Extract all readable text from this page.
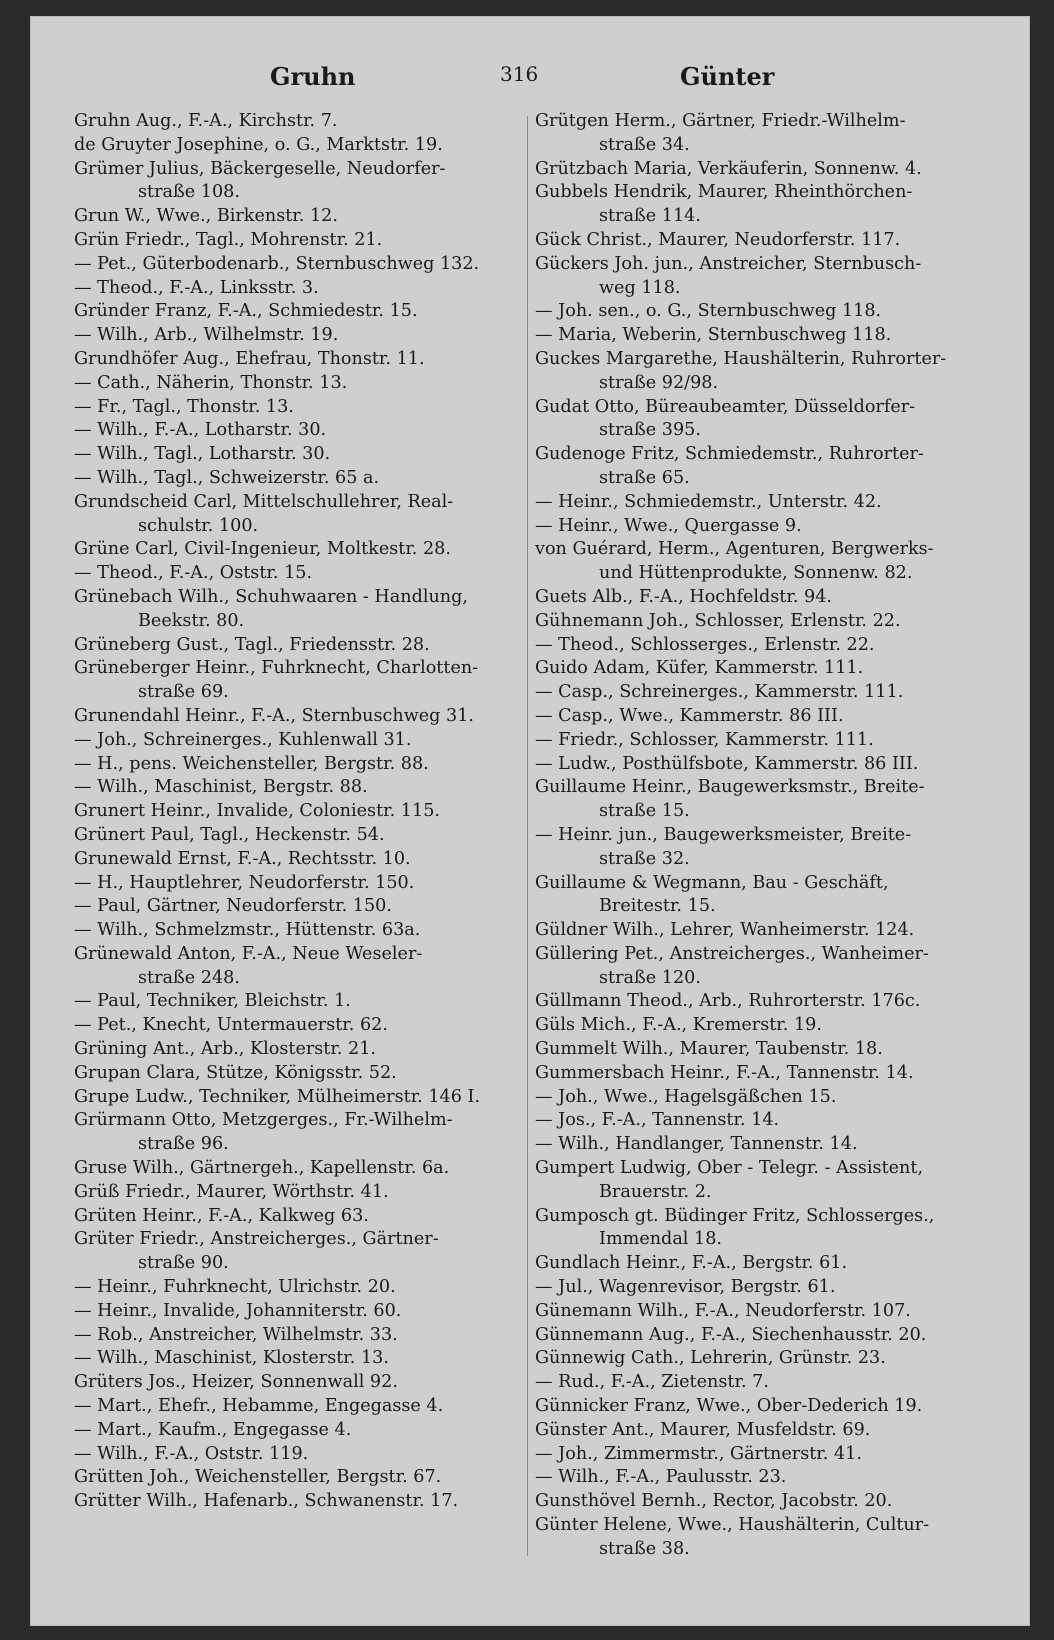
Gruhn	316	Günter
Gruhn Aug., F.-A., Kirchstr. 7.
de Gruyter Josephine, o. G., Marktstr. 19.
Grümer Julius, Bäckergeselle, Neudorfer-
straße 108.
Grun W., Wwe., Birkenstr. 12.
Grün Friedr., Tagl., Mohrenstr. 21.
— Pet., Güterbodenarb., Sternbuschweg 132.
— Theod., F.-A., Linksstr. 3.
Gründer Franz, F.-A., Schmiedestr. 15.
— Wilh., Arb., Wilhelmstr. 19.
Grundhöfer Aug., Ehefrau, Thonstr. 11.
— Cath., Näherin, Thonstr. 13.
— Fr., Tagl., Thonstr. 13.
— Wilh., F.-A., Lotharstr. 30.
— Wilh., Tagl., Lotharstr. 30.
— Wilh., Tagl., Schweizerstr. 65 a.
Grundscheid Carl, Mittelschullehrer, Real-
schulstr. 100.
Grüne Carl, Civil-Ingenieur, Moltkestr. 28.
— Theod., F.-A., Oststr. 15.
Grünebach Wilh., Schuhwaaren - Handlung,
Beekstr. 80.
Grüneberg Gust., Tagl., Friedensstr. 28.
Grüneberger Heinr., Fuhrknecht, Charlotten-
straße 69.
Grunendahl Heinr., F.-A., Sternbuschweg 31.
— Joh., Schreinerges., Kuhlenwall 31.
— H., pens. Weichensteller, Bergstr. 88.
— Wilh., Maschinist, Bergstr. 88.
Grunert Heinr., Invalide, Coloniestr. 115.
Grünert Paul, Tagl., Heckenstr. 54.
Grunewald Ernst, F.-A., Rechtsstr. 10.
— H., Hauptlehrer, Neudorferstr. 150.
— Paul, Gärtner, Neudorferstr. 150.
— Wilh., Schmelzmstr., Hüttenstr. 63a.
Grünewald Anton, F.-A., Neue Weseler-
straße 248.
— Paul, Techniker, Bleichstr. 1.
— Pet., Knecht, Untermauerstr. 62.
Grüning Ant., Arb., Klosterstr. 21.
Grupan Clara, Stütze, Königsstr. 52.
Grupe Ludw., Techniker, Mülheimerstr. 146 I.
Grürmann Otto, Metzgerges., Fr.-Wilhelm-
straße 96.
Gruse Wilh., Gärtnergeh., Kapellenstr. 6a.
Grüß Friedr., Maurer, Wörthstr. 41.
Grüten Heinr., F.-A., Kalkweg 63.
Grüter Friedr., Anstreicherges., Gärtner-
straße 90.
— Heinr., Fuhrknecht, Ulrichstr. 20.
— Heinr., Invalide, Johanniterstr. 60.
— Rob., Anstreicher, Wilhelmstr. 33.
— Wilh., Maschinist, Klosterstr. 13.
Grüters Jos., Heizer, Sonnenwall 92.
— Mart., Ehefr., Hebamme, Engegasse 4.
— Mart., Kaufm., Engegasse 4.
— Wilh., F.-A., Oststr. 119.
Grütten Joh., Weichensteller, Bergstr. 67.
Grütter Wilh., Hafenarb., Schwanenstr. 17.
Grütgen Herm., Gärtner, Friedr.-Wilhelm-
straße 34.
Grützbach Maria, Verkäuferin, Sonnenw. 4.
Gubbels Hendrik, Maurer, Rheinthörchen-
straße 114.
Gück Christ., Maurer, Neudorferstr. 117.
Gückers Joh. jun., Anstreicher, Sternbusch-
weg 118.
— Joh. sen., o. G., Sternbuschweg 118.
— Maria, Weberin, Sternbuschweg 118.
Guckes Margarethe, Haushälterin, Ruhrorter-
straße 92/98.
Gudat Otto, Büreaubeamter, Düsseldorfer-
straße 395.
Gudenoge Fritz, Schmiedemstr., Ruhrorter-
straße 65.
— Heinr., Schmiedemstr., Unterstr. 42.
— Heinr., Wwe., Quergasse 9.
von Guérard, Herm., Agenturen, Bergwerks-
und Hüttenprodukte, Sonnenw. 82.
Guets Alb., F.-A., Hochfeldstr. 94.
Gühnemann Joh., Schlosser, Erlenstr. 22.
— Theod., Schlosserges., Erlenstr. 22.
Guido Adam, Küfer, Kammerstr. 111.
— Casp., Schreinerges., Kammerstr. 111.
— Casp., Wwe., Kammerstr. 86 III.
— Friedr., Schlosser, Kammerstr. 111.
— Ludw., Posthülfsbote, Kammerstr. 86 III.
Guillaume Heinr., Baugewerksmstr., Breite-
straße 15.
— Heinr. jun., Baugewerksmeister, Breite-
straße 32.
Guillaume & Wegmann, Bau - Geschäft,
Breitestr. 15.
Güldner Wilh., Lehrer, Wanheimerstr. 124.
Güllering Pet., Anstreicherges., Wanheimer-
straße 120.
Güllmann Theod., Arb., Ruhrorterstr. 176c.
Güls Mich., F.-A., Kremerstr. 19.
Gummelt Wilh., Maurer, Taubenstr. 18.
Gummersbach Heinr., F.-A., Tannenstr. 14.
— Joh., Wwe., Hagelsgäßchen 15.
— Jos., F.-A., Tannenstr. 14.
— Wilh., Handlanger, Tannenstr. 14.
Gumpert Ludwig, Ober - Telegr. - Assistent,
Brauerstr. 2.
Gumposch gt. Büdinger Fritz, Schlosserges.,
Immendal 18.
Gundlach Heinr., F.-A., Bergstr. 61.
— Jul., Wagenrevisor, Bergstr. 61.
Günemann Wilh., F.-A., Neudorferstr. 107.
Günnemann Aug., F.-A., Siechenhausstr. 20.
Günnewig Cath., Lehrerin, Grünstr. 23.
— Rud., F.-A., Zietenstr. 7.
Günnicker Franz, Wwe., Ober-Dederich 19.
Günster Ant., Maurer, Musfeldstr. 69.
— Joh., Zimmermstr., Gärtnerstr. 41.
— Wilh., F.-A., Paulusstr. 23.
Gunsthövel Bernh., Rector, Jacobstr. 20.
Günter Helene, Wwe., Haushälterin, Cultur-
straße 38.
